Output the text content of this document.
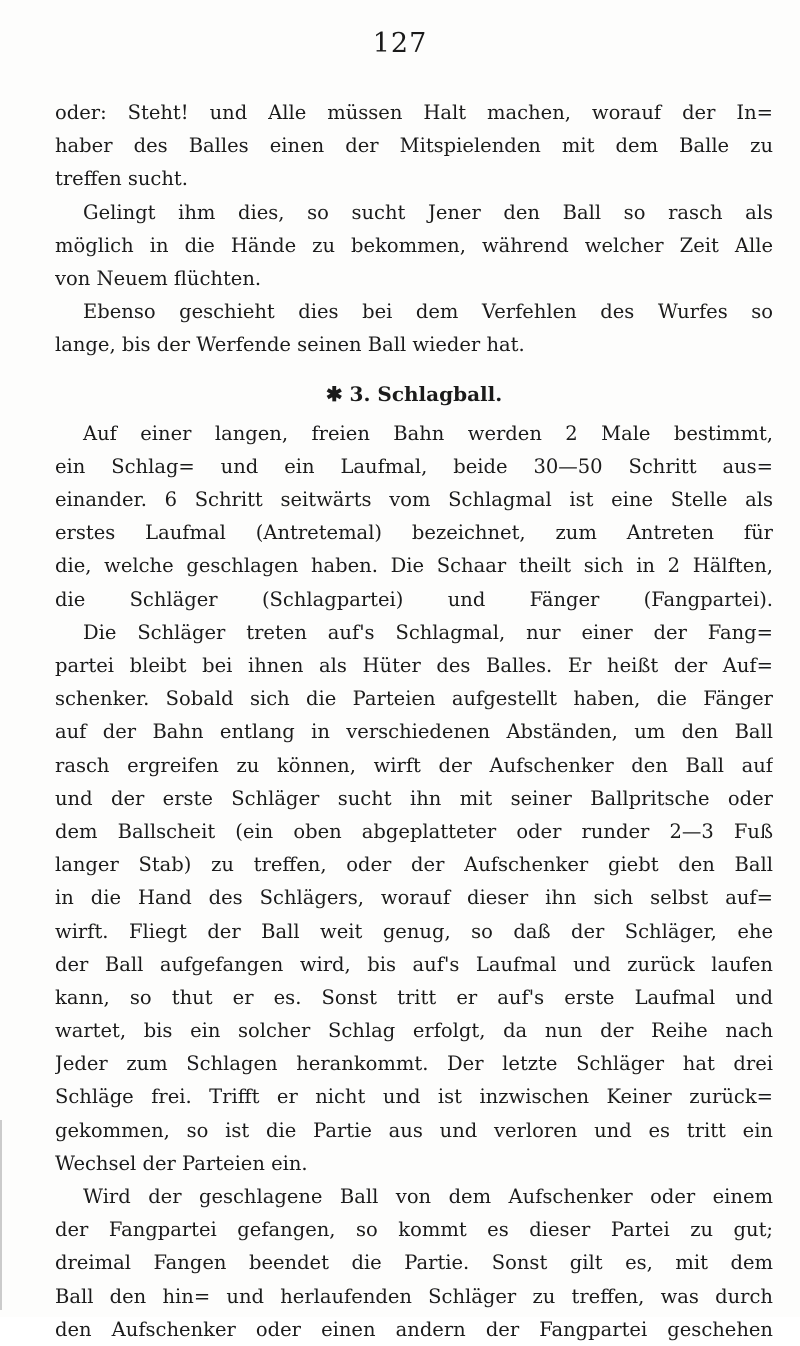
127
oder: Steht! und Alle müssen Halt machen, worauf der In=
haber des Balles einen der Mitspielenden mit dem Balle zu
treffen sucht.
Gelingt ihm dies, so sucht Jener den Ball so rasch als
möglich in die Hände zu bekommen, während welcher Zeit Alle
von Neuem flüchten.
Ebenso geschieht dies bei dem Verfehlen des Wurfes so
lange, bis der Werfende seinen Ball wieder hat.
✱ 3. Schlagball.
Auf einer langen, freien Bahn werden 2 Male bestimmt,
ein Schlag= und ein Laufmal, beide 30—50 Schritt aus=
einander. 6 Schritt seitwärts vom Schlagmal ist eine Stelle als
erstes Laufmal (Antretemal) bezeichnet, zum Antreten für
die, welche geschlagen haben. Die Schaar theilt sich in 2 Hälften,
die Schläger (Schlagpartei) und Fänger (Fangpartei).
Die Schläger treten auf's Schlagmal, nur einer der Fang=
partei bleibt bei ihnen als Hüter des Balles. Er heißt der Auf=
schenker. Sobald sich die Parteien aufgestellt haben, die Fänger
auf der Bahn entlang in verschiedenen Abständen, um den Ball
rasch ergreifen zu können, wirft der Aufschenker den Ball auf
und der erste Schläger sucht ihn mit seiner Ballpritsche oder
dem Ballscheit (ein oben abgeplatteter oder runder 2—3 Fuß
langer Stab) zu treffen, oder der Aufschenker giebt den Ball
in die Hand des Schlägers, worauf dieser ihn sich selbst auf=
wirft. Fliegt der Ball weit genug, so daß der Schläger, ehe
der Ball aufgefangen wird, bis auf's Laufmal und zurück laufen
kann, so thut er es. Sonst tritt er auf's erste Laufmal und
wartet, bis ein solcher Schlag erfolgt, da nun der Reihe nach
Jeder zum Schlagen herankommt. Der letzte Schläger hat drei
Schläge frei. Trifft er nicht und ist inzwischen Keiner zurück=
gekommen, so ist die Partie aus und verloren und es tritt ein
Wechsel der Parteien ein.
Wird der geschlagene Ball von dem Aufschenker oder einem
der Fangpartei gefangen, so kommt es dieser Partei zu gut;
dreimal Fangen beendet die Partie. Sonst gilt es, mit dem
Ball den hin= und herlaufenden Schläger zu treffen, was durch
den Aufschenker oder einen andern der Fangpartei geschehen
